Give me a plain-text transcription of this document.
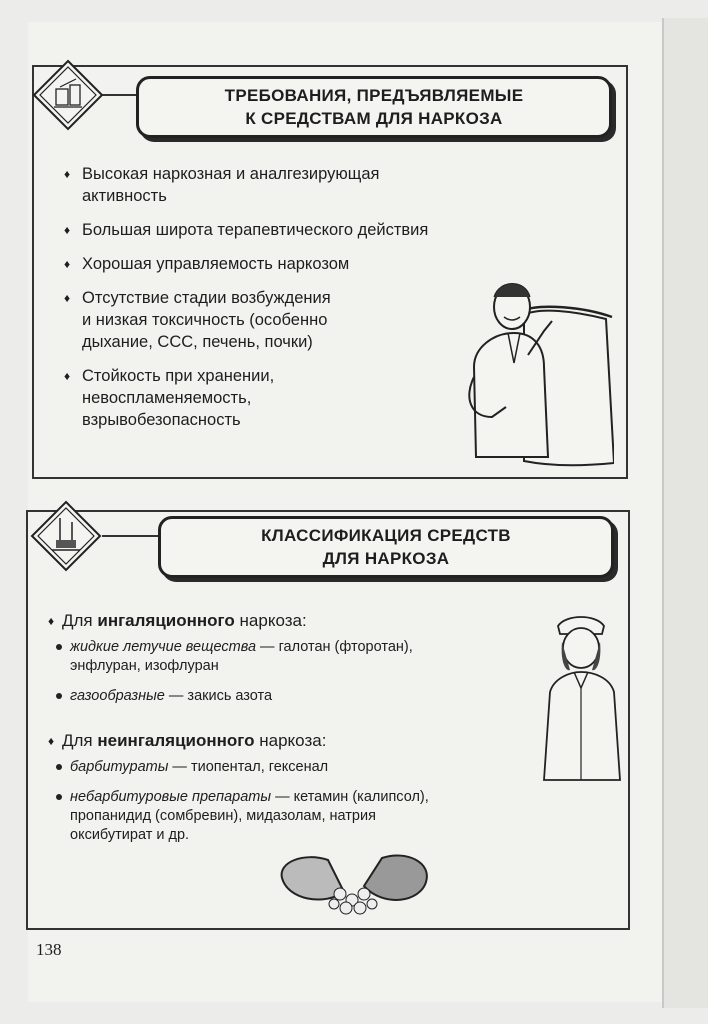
ТРЕБОВАНИЯ, ПРЕДЪЯВЛЯЕМЫЕ
К СРЕДСТВАМ ДЛЯ НАРКОЗА
♦ Высокая наркозная и аналгезирующая
активность
♦ Большая широта терапевтического действия
♦ Хорошая управляемость наркозом
♦ Отсутствие стадии возбуждения
и низкая токсичность (особенно
дыхание, ССС, печень, почки)
♦ Стойкость при хранении,
невоспламеняемость,
взрывобезопасность
КЛАССИФИКАЦИЯ СРЕДСТВ
ДЛЯ НАРКОЗА
♦ Для ингаляционного наркоза:
жидкие летучие вещества — галотан (фторотан),
энфлуран, изофлуран
газообразные — закись азота
♦ Для неингаляционного наркоза:
барбитураты — тиопентал, гексенал
небарбитуровые препараты — кетамин (калипсол),
пропанидид (сомбревин), мидазолам, натрия
оксибутират и др.
138
